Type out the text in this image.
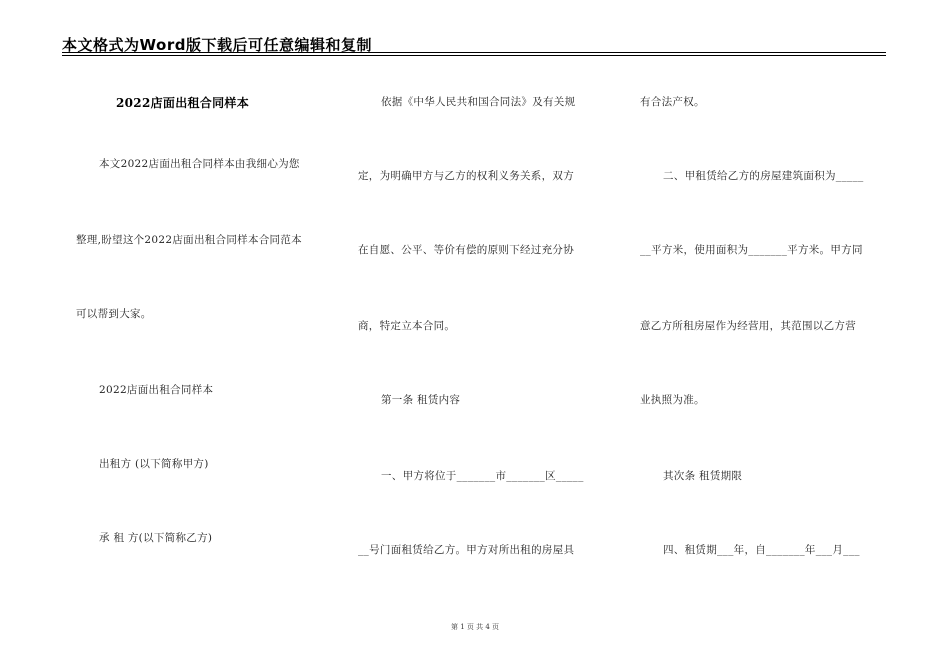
本文格式为Word版下载后可任意编辑和复制
2022店面出租合同样本
本文2022店面出租合同样本由我细心为您
整理,盼望这个2022店面出租合同样本合同范本
可以帮到大家。
2022店面出租合同样本
出租方 (以下简称甲方)
承 租 方(以下简称乙方)
依据《中华人民共和国合同法》及有关规
定，为明确甲方与乙方的权利义务关系，双方
在自愿、公平、等价有偿的原则下经过充分协
商，特定立本合同。
第一条 租赁内容
一、甲方将位于_______市_______区_____
__号门面租赁给乙方。甲方对所出租的房屋具
有合法产权。
二、甲租赁给乙方的房屋建筑面积为_____
__平方米，使用面积为_______平方米。甲方同
意乙方所租房屋作为经营用，其范围以乙方营
业执照为准。
其次条 租赁期限
四、租赁期___年，自_______年___月___
第 1 页 共 4 页
